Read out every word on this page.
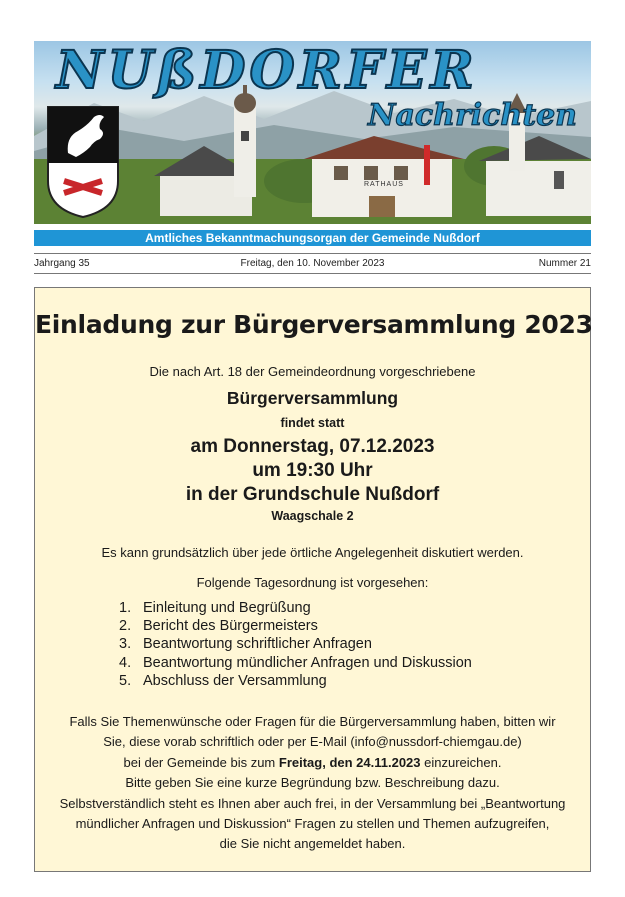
NUßDORFER
Nachrichten
RATHAUS
Amtliches Bekanntmachungsorgan der Gemeinde Nußdorf
Jahrgang 35	Freitag, den 10. November 2023	Nummer 21
Einladung zur Bürgerversammlung 2023
Die nach Art. 18 der Gemeindeordnung vorgeschriebene
Bürgerversammlung
findet statt
am Donnerstag, 07.12.2023
um 19:30 Uhr
in der Grundschule Nußdorf
Waagschale 2
Es kann grundsätzlich über jede örtliche Angelegenheit diskutiert werden.
Folgende Tagesordnung ist vorgesehen:
1. Einleitung und Begrüßung
2. Bericht des Bürgermeisters
3. Beantwortung schriftlicher Anfragen
4. Beantwortung mündlicher Anfragen und Diskussion
5. Abschluss der Versammlung
Falls Sie Themenwünsche oder Fragen für die Bürgerversammlung haben, bitten wir
Sie, diese vorab schriftlich oder per E-Mail (info@nussdorf-chiemgau.de)
bei der Gemeinde bis zum Freitag, den 24.11.2023 einzureichen.
Bitte geben Sie eine kurze Begründung bzw. Beschreibung dazu.
Selbstverständlich steht es Ihnen aber auch frei, in der Versammlung bei „Beantwortung
mündlicher Anfragen und Diskussion“ Fragen zu stellen und Themen aufzugreifen,
die Sie nicht angemeldet haben.
